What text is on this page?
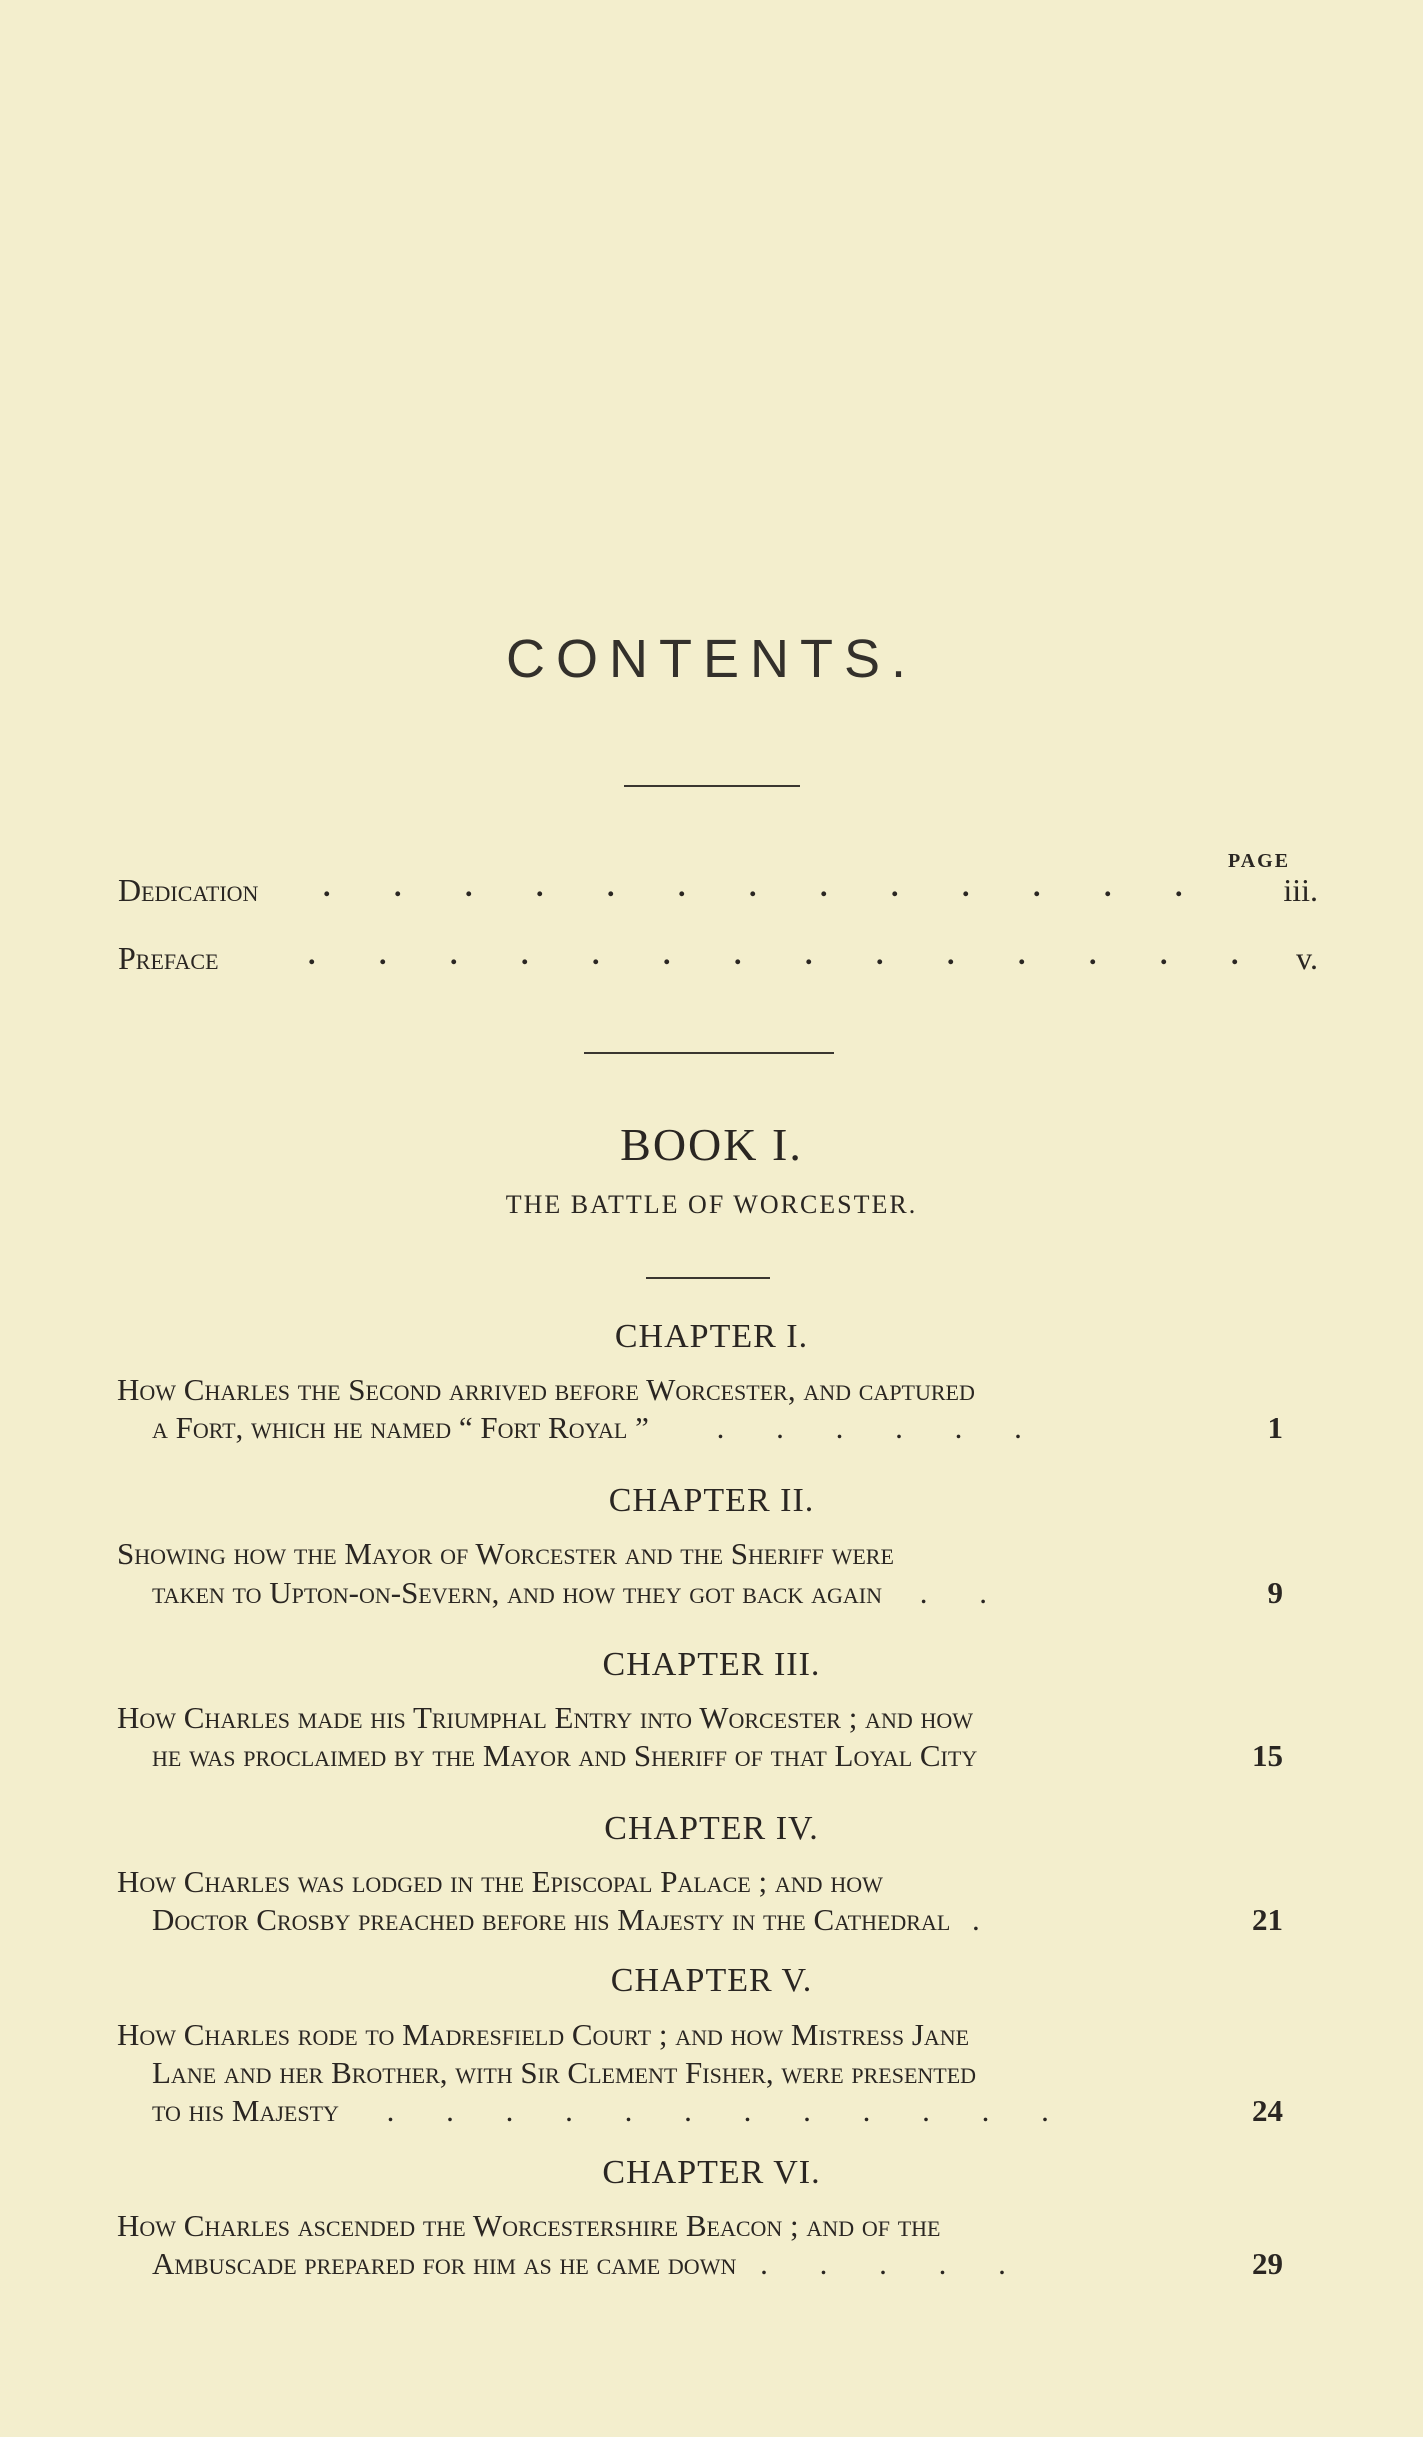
CONTENTS.
PAGE
Dedication . . . . . . . . . . . . . iii.
Preface	. . . . . . . . . . . . . . v.
BOOK I.
THE BATTLE OF WORCESTER.
CHAPTER I.
How Charles the Second arrived before Worcester, and captured
a Fort, which he named “ Fort Royal ” . . . . . .	1
CHAPTER II.
Showing how the Mayor of Worcester and the Sheriff were
taken to Upton-on-Severn, and how they got back again . .	9
CHAPTER III.
How Charles made his Triumphal Entry into Worcester ; and how
he was proclaimed by the Mayor and Sheriff of that Loyal City	15
CHAPTER IV.
How Charles was lodged in the Episcopal Palace ; and how
Doctor Crosby preached before his Majesty in the Cathedral .	21
CHAPTER V.
How Charles rode to Madresfield Court ; and how Mistress Jane
Lane and her Brother, with Sir Clement Fisher, were presented
to his Majesty . . . . . . . . . . . .	24
CHAPTER VI.
How Charles ascended the Worcestershire Beacon ; and of the
Ambuscade prepared for him as he came down . . . . .	29
